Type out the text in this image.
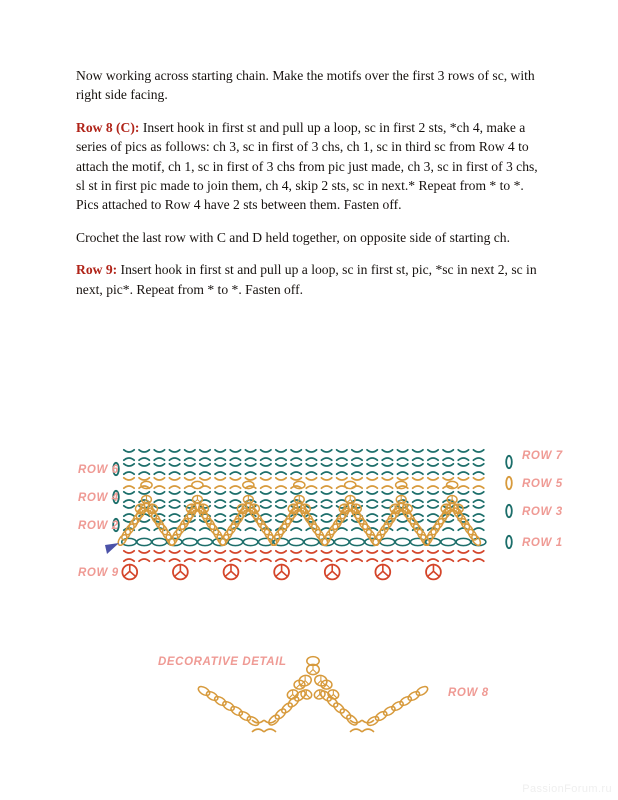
Now working across starting chain. Make the motifs over the first 3 rows of sc, with right side facing.

Row 8 (C): Insert hook in first st and pull up a loop, sc in first 2 sts, *ch 4, make a series of pics as follows: ch 3, sc in first of 3 chs, ch 1, sc in third sc from Row 4 to attach the motif, ch 1, sc in first of 3 chs from pic just made, ch 3, sc in first of 3 chs, sl st in first pic made to join them, ch 4, skip 2 sts, sc in next.* Repeat from * to *. Pics attached to Row 4 have 2 sts between them. Fasten off.

Crochet the last row with C and D held together, on opposite side of starting ch.

Row 9: Insert hook in first st and pull up a loop, sc in first st, pic, *sc in next 2, sc in next, pic*. Repeat from * to *. Fasten off.

DECORATIVE DETAIL
ROW 8
ROW 6
ROW 4
ROW 2
ROW 9
ROW 7
ROW 5
ROW 3
ROW 1
PassionForum.ru
